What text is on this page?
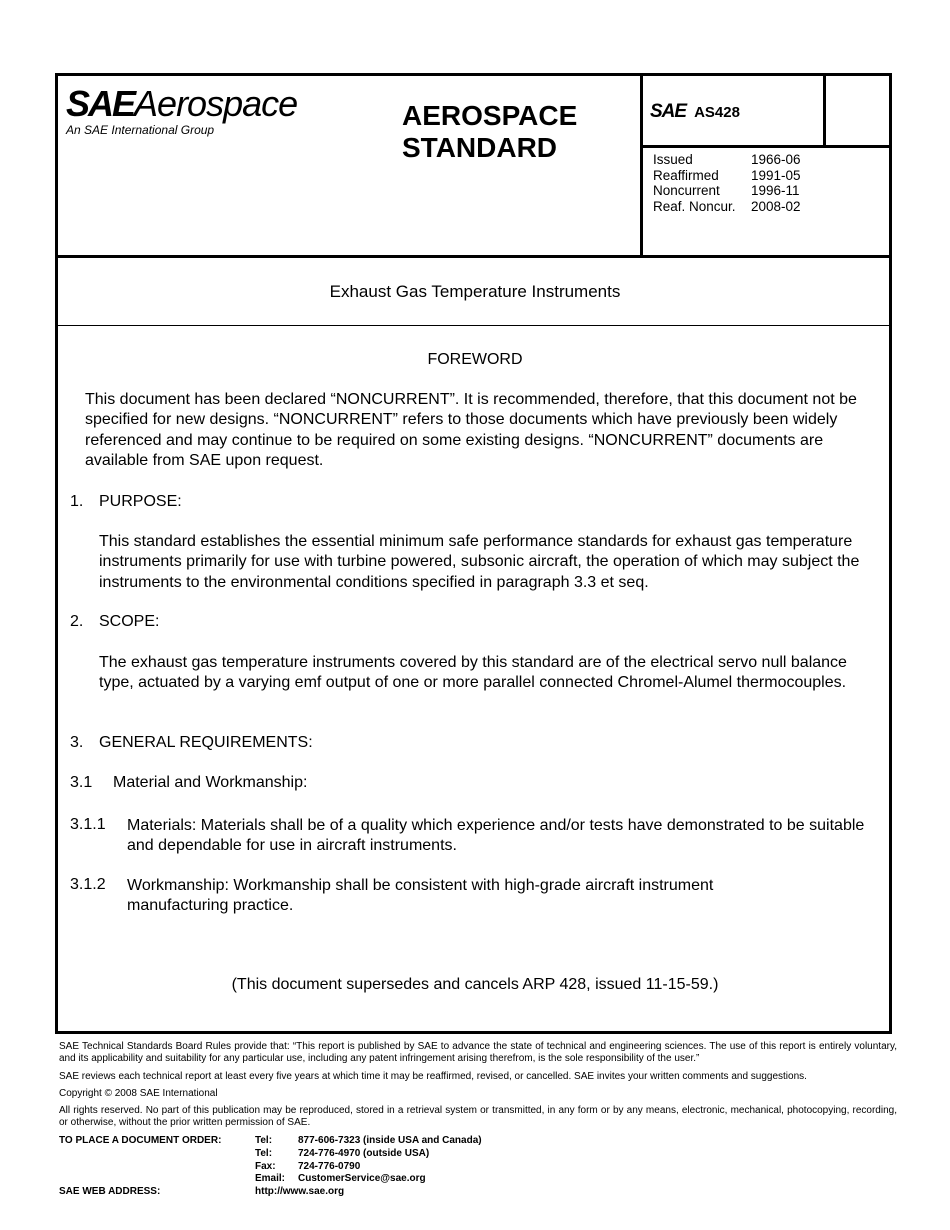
SAEAerospace
An SAE International Group	AEROSPACE
STANDARD
SAE AS428
Issued	1966-06
Reaffirmed	1991-05
Noncurrent	1996-11
Reaf. Noncur.	2008-02
Exhaust Gas Temperature Instruments
FOREWORD
This document has been declared “NONCURRENT”. It is recommended, therefore, that this document not be specified for new designs. “NONCURRENT” refers to those documents which have previously been widely referenced and may continue to be required on some existing designs. “NONCURRENT” documents are available from SAE upon request.
1. PURPOSE:
This standard establishes the essential minimum safe performance standards for exhaust gas temperature instruments primarily for use with turbine powered, subsonic aircraft, the operation of which may subject the instruments to the environmental conditions specified in paragraph 3.3 et seq.
2. SCOPE:
The exhaust gas temperature instruments covered by this standard are of the electrical servo null balance type, actuated by a varying emf output of one or more parallel connected Chromel-Alumel thermocouples.
3. GENERAL REQUIREMENTS:
3.1 Material and Workmanship:
3.1.1 Materials: Materials shall be of a quality which experience and/or tests have demonstrated to be suitable and dependable for use in aircraft instruments.
3.1.2 Workmanship: Workmanship shall be consistent with high-grade aircraft instrument manufacturing practice.
(This document supersedes and cancels ARP 428, issued 11-15-59.)
SAE Technical Standards Board Rules provide that: “This report is published by SAE to advance the state of technical and engineering sciences. The use of this report is entirely voluntary, and its applicability and suitability for any particular use, including any patent infringement arising therefrom, is the sole responsibility of the user.”
SAE reviews each technical report at least every five years at which time it may be reaffirmed, revised, or cancelled. SAE invites your written comments and suggestions.
Copyright © 2008 SAE International
All rights reserved. No part of this publication may be reproduced, stored in a retrieval system or transmitted, in any form or by any means, electronic, mechanical, photocopying, recording, or otherwise, without the prior written permission of SAE.
TO PLACE A DOCUMENT ORDER:	Tel:	877-606-7323 (inside USA and Canada)
Tel:	724-776-4970 (outside USA)
Fax:	724-776-0790
Email:	CustomerService@sae.org
SAE WEB ADDRESS:	http://www.sae.org
